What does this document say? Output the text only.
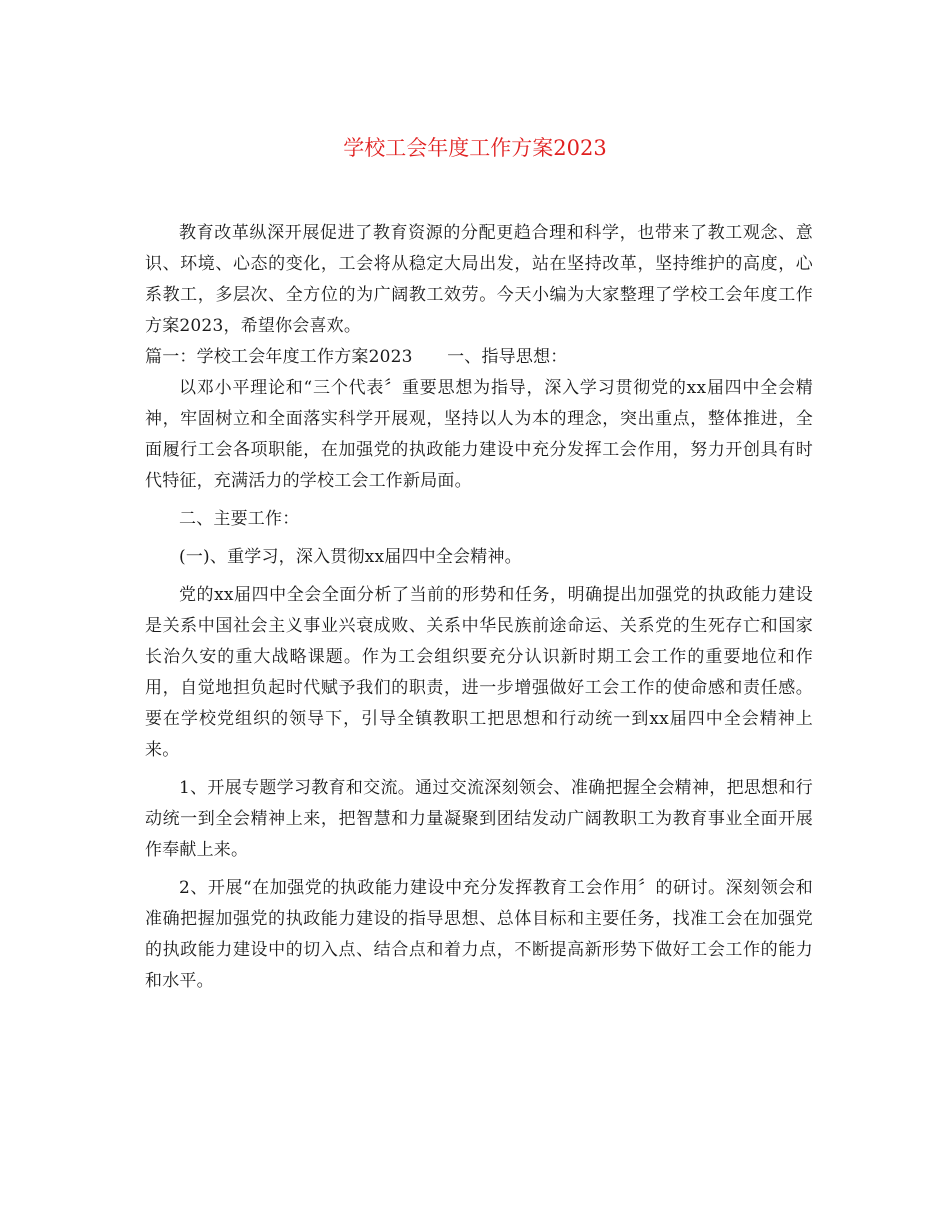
学校工会年度工作方案2023

教育改革纵深开展促进了教育资源的分配更趋合理和科学，也带来了教工观念、意识、环境、心态的变化，工会将从稳定大局出发，站在坚持改革，坚持维护的高度，心系教工，多层次、全方位的为广阔教工效劳。今天小编为大家整理了学校工会年度工作方案2023，希望你会喜欢。

篇一：学校工会年度工作方案2023　　一、指导思想：

以邓小平理论和“三个代表〞重要思想为指导，深入学习贯彻党的xx届四中全会精神，牢固树立和全面落实科学开展观，坚持以人为本的理念，突出重点，整体推进，全面履行工会各项职能，在加强党的执政能力建设中充分发挥工会作用，努力开创具有时代特征，充满活力的学校工会工作新局面。

二、主要工作：

(一)、重学习，深入贯彻xx届四中全会精神。

党的xx届四中全会全面分析了当前的形势和任务，明确提出加强党的执政能力建设是关系中国社会主义事业兴衰成败、关系中华民族前途命运、关系党的生死存亡和国家长治久安的重大战略课题。作为工会组织要充分认识新时期工会工作的重要地位和作用，自觉地担负起时代赋予我们的职责，进一步增强做好工会工作的使命感和责任感。要在学校党组织的领导下，引导全镇教职工把思想和行动统一到xx届四中全会精神上来。

1、开展专题学习教育和交流。通过交流深刻领会、准确把握全会精神，把思想和行动统一到全会精神上来，把智慧和力量凝聚到团结发动广阔教职工为教育事业全面开展作奉献上来。

2、开展“在加强党的执政能力建设中充分发挥教育工会作用〞的研讨。深刻领会和准确把握加强党的执政能力建设的指导思想、总体目标和主要任务，找准工会在加强党的执政能力建设中的切入点、结合点和着力点，不断提高新形势下做好工会工作的能力和水平。
